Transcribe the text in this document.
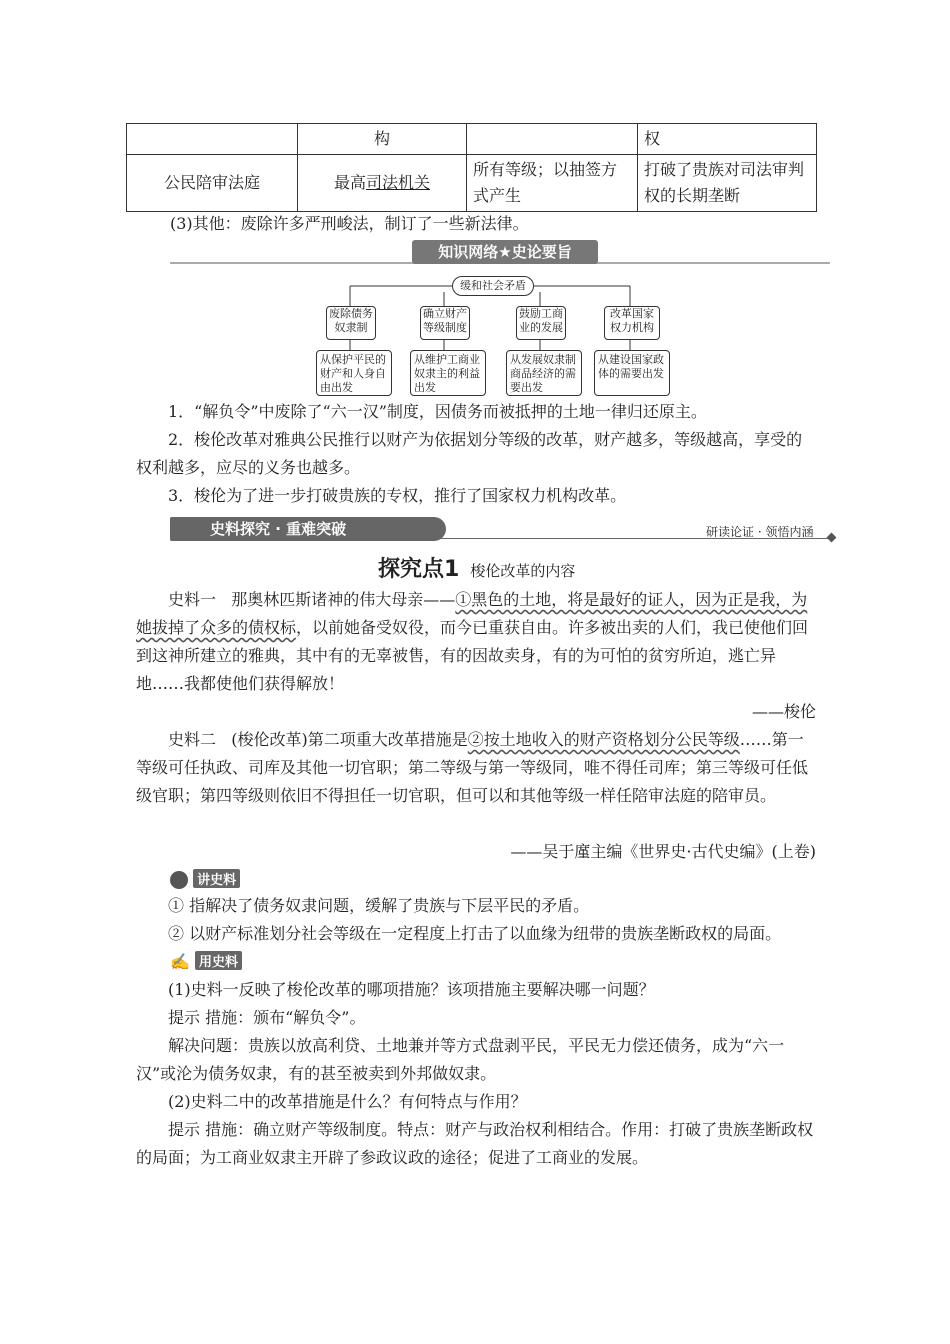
	构		权
公民陪审法庭	最高司法机关	所有等级；以抽签方式产生	打破了贵族对司法审判权的长期垄断
(3)其他：废除许多严刑峻法，制订了一些新法律。
知识网络★史论要旨
缓和社会矛盾
废除债务奴隶制
确立财产等级制度
鼓励工商业的发展
改革国家权力机构
从保护平民的财产和人身自由出发
从维护工商业奴隶主的利益出发
从发展奴隶制商品经济的需要出发
从建设国家政体的需要出发
1．“解负令”中废除了“六一汉”制度，因债务而被抵押的土地一律归还原主。
2．梭伦改革对雅典公民推行以财产为依据划分等级的改革，财产越多，等级越高，享受的权利越多，应尽的义务也越多。
3．梭伦为了进一步打破贵族的专权，推行了国家权力机构改革。
史料探究 · 重难突破	研读论证 · 领悟内涵
探究点1 梭伦改革的内容
史料一 那奥林匹斯诸神的伟大母亲——①黑色的土地，将是最好的证人，因为正是我，为她拔掉了众多的债权标，以前她备受奴役，而今已重获自由。许多被出卖的人们，我已使他们回到这神所建立的雅典，其中有的无辜被售，有的因故卖身，有的为可怕的贫穷所迫，逃亡异地……我都使他们获得解放！
——梭伦
史料二 (梭伦改革)第二项重大改革措施是②按土地收入的财产资格划分公民等级……第一等级可任执政、司库及其他一切官职；第二等级与第一等级同，唯不得任司库；第三等级可任低级官职；第四等级则依旧不得担任一切官职，但可以和其他等级一样任陪审法庭的陪审员。
——吴于廑主编《世界史·古代史编》(上卷)
讲史料
① 指解决了债务奴隶问题，缓解了贵族与下层平民的矛盾。
② 以财产标准划分社会等级在一定程度上打击了以血缘为纽带的贵族垄断政权的局面。
✍ 用史料
(1)史料一反映了梭伦改革的哪项措施？该项措施主要解决哪一问题？
提示 措施：颁布“解负令”。
解决问题：贵族以放高利贷、土地兼并等方式盘剥平民，平民无力偿还债务，成为“六一汉”或沦为债务奴隶，有的甚至被卖到外邦做奴隶。
(2)史料二中的改革措施是什么？有何特点与作用？
提示 措施：确立财产等级制度。特点：财产与政治权利相结合。作用：打破了贵族垄断政权的局面；为工商业奴隶主开辟了参政议政的途径；促进了工商业的发展。
